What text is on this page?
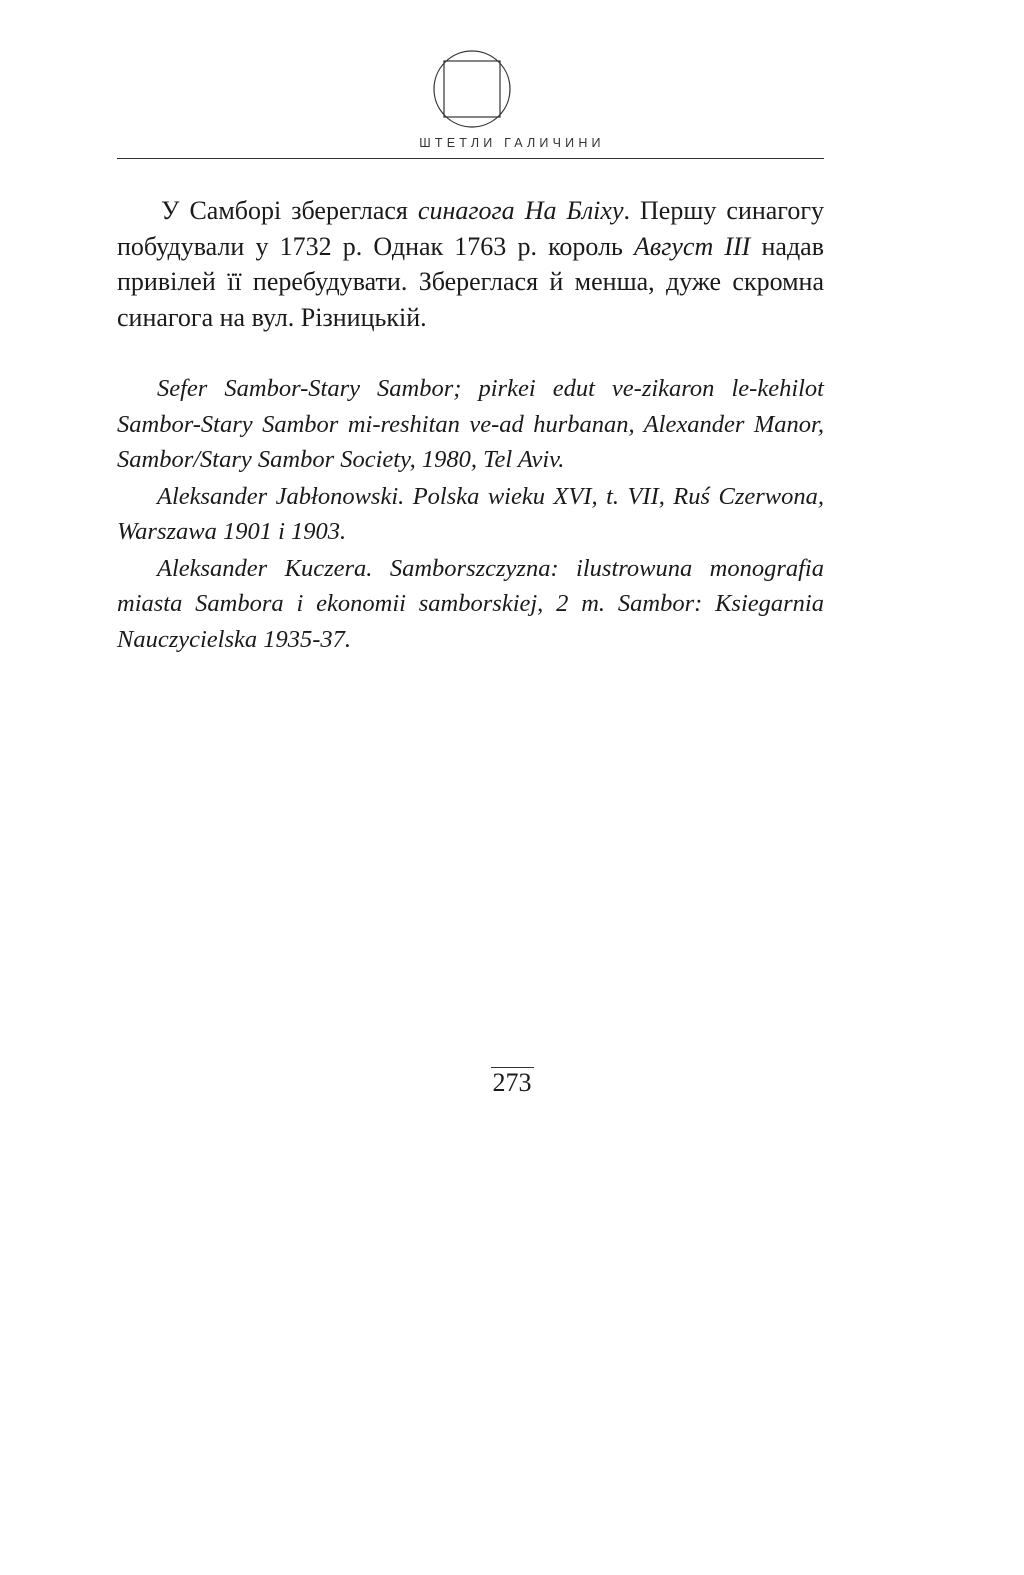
ШТЕТЛИ ГАЛИЧИНИ

У Самборі збереглася синагога На Бліху. Першу синагогу побудували у 1732 р. Однак 1763 р. король Август ІІІ надав привілей її перебудувати. Збереглася й менша, дуже скромна синагога на вул. Різницькій.

Sefer Sambor-Stary Sambor; pirkei edut ve-zikaron le-kehilot Sambor-Stary Sambor mi-reshitan ve-ad hurbanan, Alexander Manor, Sambor/Stary Sambor Society, 1980, Tel Aviv.

Aleksander Jabłonowski. Polska wieku XVI, t. VII, Ruś Czerwona, Warszawa 1901 i 1903.

Aleksander Kuczera. Samborszczyzna: ilustrowuna monografia miasta Sambora i ekonomii samborskiej, 2 m. Sambor: Ksiegarnia Nauczycielska 1935-37.

273
